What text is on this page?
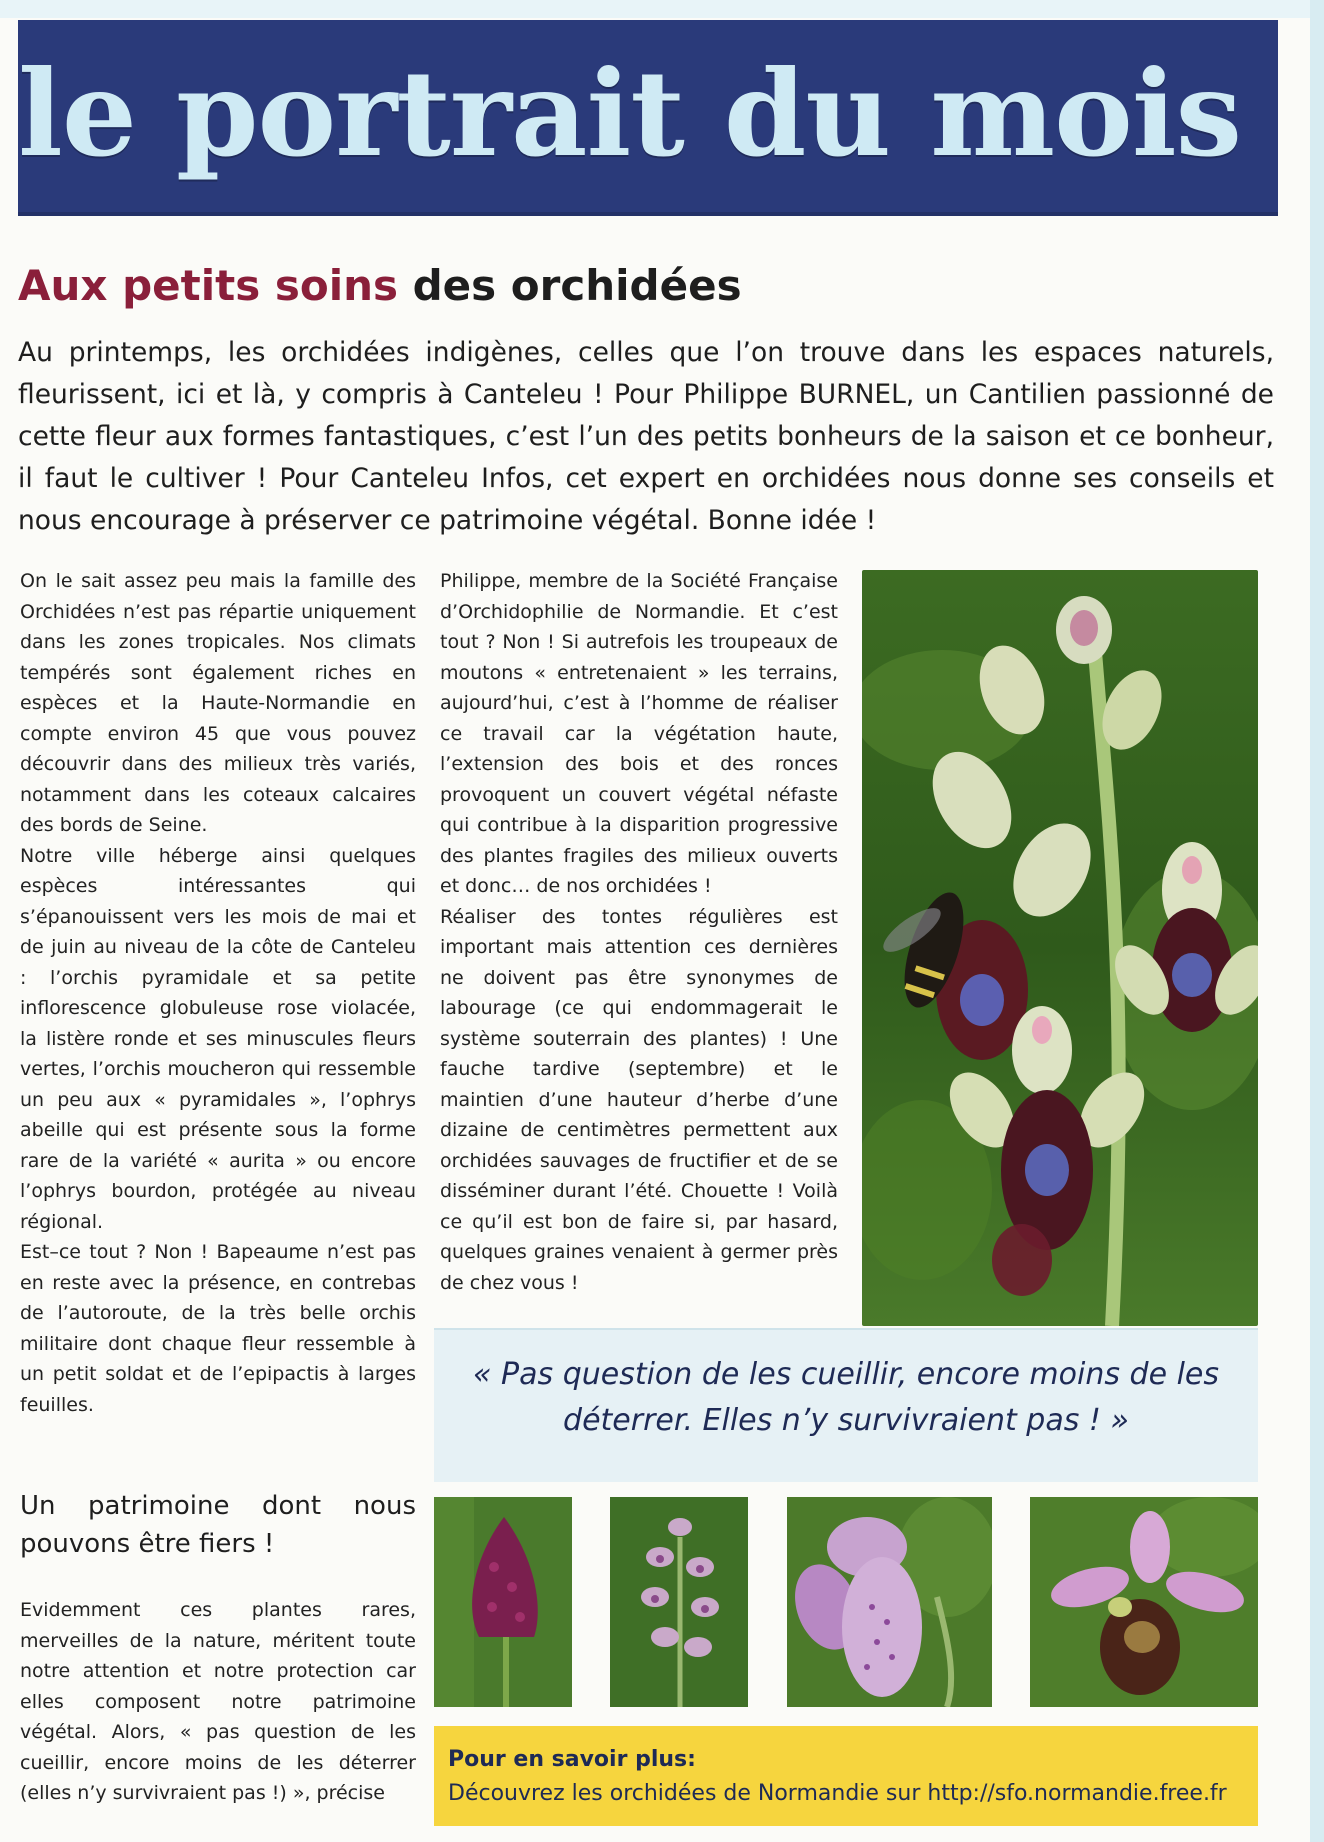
le portrait du mois
Aux petits soins des orchidées
Au printemps, les orchidées indigènes, celles que l’on trouve dans les espaces naturels, fleurissent, ici et là, y compris à Canteleu ! Pour Philippe BURNEL, un Cantilien passionné de cette fleur aux formes fantastiques, c’est l’un des petits bonheurs de la saison et ce bonheur, il faut le cultiver ! Pour Canteleu Infos, cet expert en orchidées nous donne ses conseils et nous encourage à préserver ce patrimoine végétal. Bonne idée !

On le sait assez peu mais la famille des Orchidées n’est pas répartie uniquement dans les zones tropicales. Nos climats tempérés sont également riches en espèces et la Haute-Normandie en compte environ 45 que vous pouvez découvrir dans des milieux très variés, notamment dans les coteaux calcaires des bords de Seine.

Notre ville héberge ainsi quelques espèces intéressantes qui s’épanouissent vers les mois de mai et de juin au niveau de la côte de Canteleu : l’orchis pyramidale et sa petite inflorescence globuleuse rose violacée, la listère ronde et ses minuscules fleurs vertes, l’orchis moucheron qui ressemble un peu aux « pyramidales », l’ophrys abeille qui est présente sous la forme rare de la variété « aurita » ou encore l’ophrys bourdon, protégée au niveau régional.

Est–ce tout ? Non ! Bapeaume n’est pas en reste avec la présence, en contrebas de l’autoroute, de la très belle orchis militaire dont chaque fleur ressemble à un petit soldat et de l’epipactis à larges feuilles.

Un patrimoine dont nous pouvons être fiers !

Evidemment ces plantes rares, merveilles de la nature, méritent toute notre attention et notre protection car elles composent notre patrimoine végétal. Alors, « pas question de les cueillir, encore moins de les déterrer (elles n’y survivraient pas !) », précise

Philippe, membre de la Société Française d’Orchidophilie de Normandie. Et c’est tout ? Non ! Si autrefois les troupeaux de moutons « entretenaient » les terrains, aujourd’hui, c’est à l’homme de réaliser ce travail car la végétation haute, l’extension des bois et des ronces provoquent un couvert végétal néfaste qui contribue à la disparition progressive des plantes fragiles des milieux ouverts et donc… de nos orchidées !

Réaliser des tontes régulières est important mais attention ces dernières ne doivent pas être synonymes de labourage (ce qui endommagerait le système souterrain des plantes) ! Une fauche tardive (septembre) et le maintien d’une hauteur d’herbe d’une dizaine de centimètres permettent aux orchidées sauvages de fructifier et de se disséminer durant l’été. Chouette ! Voilà ce qu’il est bon de faire si, par hasard, quelques graines venaient à germer près de chez vous !

« Pas question de les cueillir, encore moins de les déterrer. Elles n’y survivraient pas ! »
Pour en savoir plus:
Découvrez les orchidées de Normandie sur http://sfo.normandie.free.fr
